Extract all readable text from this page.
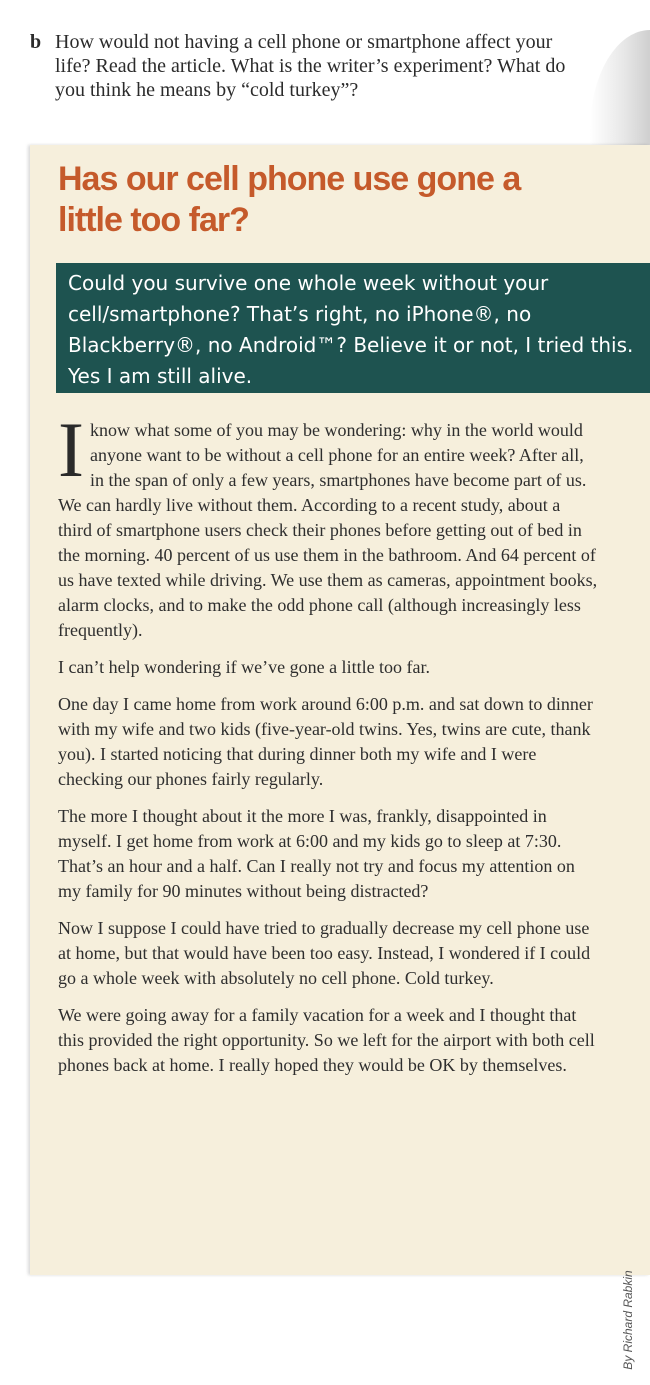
b How would not having a cell phone or smartphone affect your life? Read the article. What is the writer’s experiment? What do you think he means by “cold turkey”?
Has our cell phone use gone a little too far?
Could you survive one whole week without your cell/smartphone? That’s right, no iPhone®, no Blackberry®, no Android™? Believe it or not, I tried this. Yes I am still alive.

Iknow what some of you may be wondering: why in the world would anyone want to be without a cell phone for an entire week? After all, in the span of only a few years, smartphones have become part of us. We can hardly live without them. According to a recent study, about a third of smartphone users check their phones before getting out of bed in the morning. 40 percent of us use them in the bathroom. And 64 percent of us have texted while driving. We use them as cameras, appointment books, alarm clocks, and to make the odd phone call (although increasingly less frequently).

I can’t help wondering if we’ve gone a little too far.

One day I came home from work around 6:00 p.m. and sat down to dinner with my wife and two kids (five-year-old twins. Yes, twins are cute, thank you). I started noticing that during dinner both my wife and I were checking our phones fairly regularly.

The more I thought about it the more I was, frankly, disappointed in myself. I get home from work at 6:00 and my kids go to sleep at 7:30. That’s an hour and a half. Can I really not try and focus my attention on my family for 90 minutes without being distracted?

Now I suppose I could have tried to gradually decrease my cell phone use at home, but that would have been too easy. Instead, I wondered if I could go a whole week with absolutely no cell phone. Cold turkey.

We were going away for a family vacation for a week and I thought that this provided the right opportunity. So we left for the airport with both cell phones back at home. I really hoped they would be OK by themselves.

By Richard Rabkin
